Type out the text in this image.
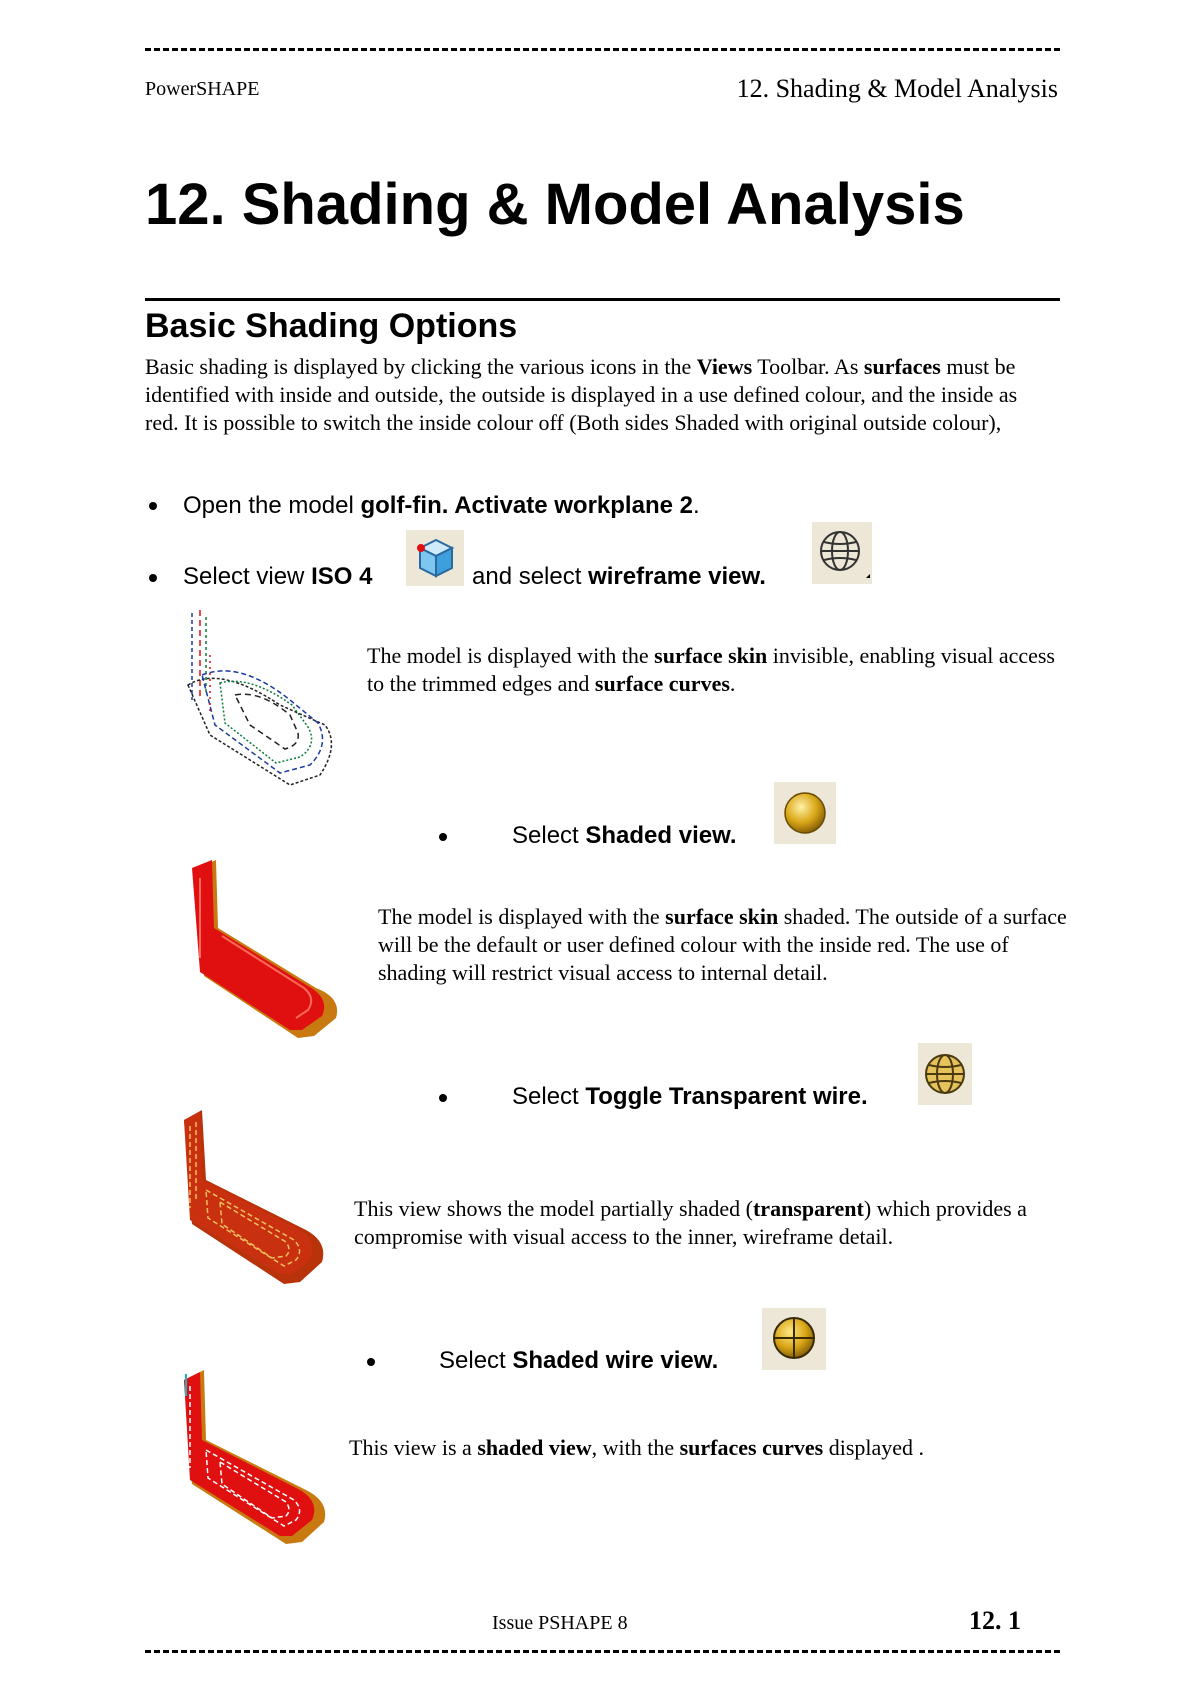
PowerSHAPE	12. Shading & Model Analysis
12. Shading & Model Analysis
Basic Shading Options
Basic shading is displayed by clicking the various icons in the Views Toolbar. As surfaces must be identified with inside and outside, the outside is displayed in a use defined colour, and the inside as red. It is possible to switch the inside colour off (Both sides Shaded with original outside colour),
Open the model golf-fin. Activate workplane 2.
Select view ISO 4	and select wireframe view.
The model is displayed with the surface skin invisible, enabling visual access to the trimmed edges and surface curves.
Select Shaded view.
The model is displayed with the surface skin shaded. The outside of a surface will be the default or user defined colour with the inside red. The use of shading will restrict visual access to internal detail.
Select Toggle Transparent wire.
This view shows the model partially shaded (transparent) which provides a compromise with visual access to the inner, wireframe detail.
Select Shaded wire view.
This view is a shaded view, with the surfaces curves displayed .
Issue PSHAPE 8	12. 1
